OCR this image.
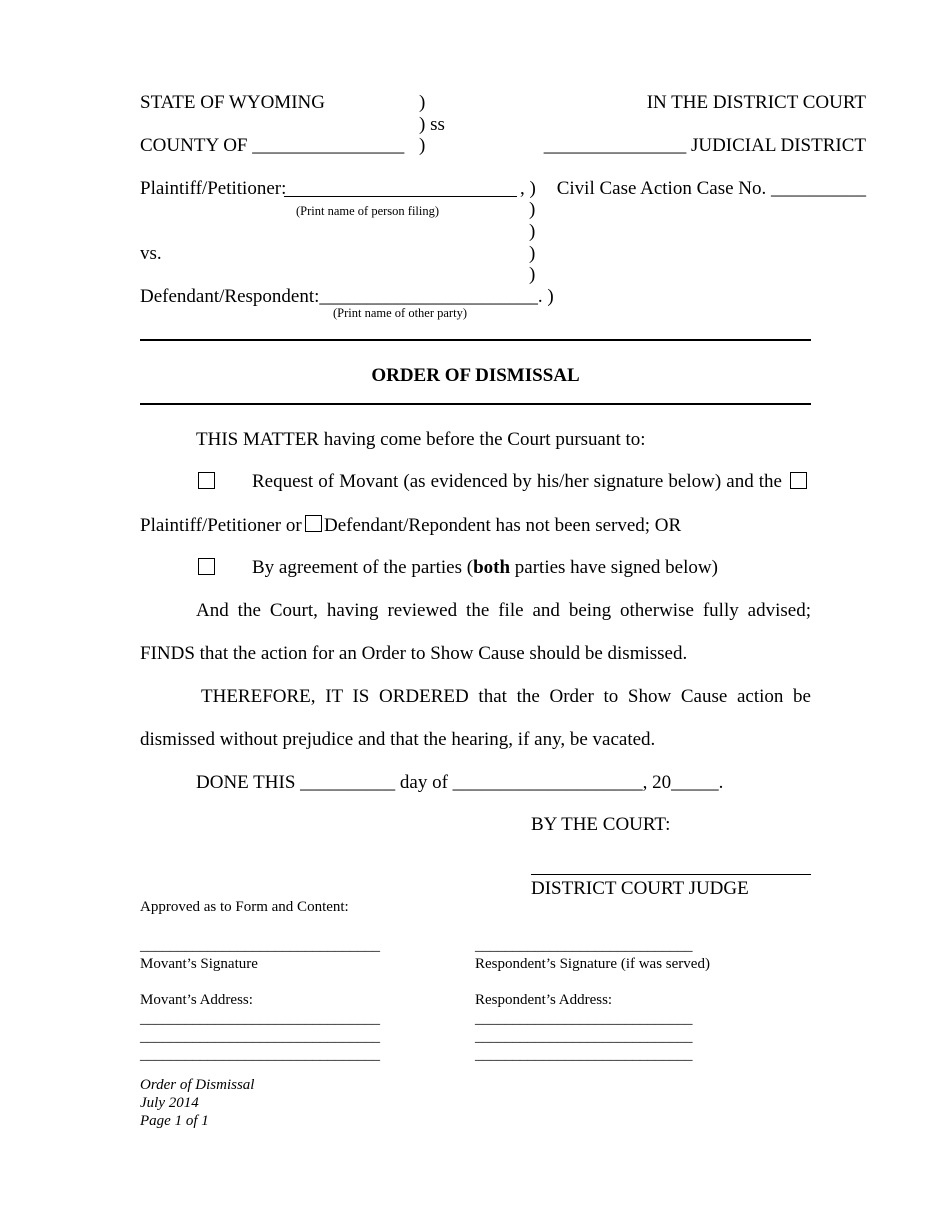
STATE OF WYOMING	)
) ss
)
COUNTY OF ________________
IN THE DISTRICT COURT
_______________ JUDICIAL DISTRICT
Plaintiff/Petitioner:	, )
(Print name of person filing)
Civil Case Action Case No. __________
)
)
vs.	)
)
Defendant/Respondent:_______________________. )
(Print name of other party)
ORDER OF DISMISSAL
THIS MATTER having come before the Court pursuant to:
Request of Movant (as evidenced by his/her signature below) and the
Plaintiff/Petitioner or Defendant/Repondent has not been served; OR
By agreement of the parties (both parties have signed below)
And the Court, having reviewed the file and being otherwise fully advised;
FINDS that the action for an Order to Show Cause should be dismissed.
THEREFORE, IT IS ORDERED that the Order to Show Cause action be
dismissed without prejudice and that the hearing, if any, be vacated.
DONE THIS __________ day of ____________________, 20_____.
BY THE COURT:
DISTRICT COURT JUDGE
Approved as to Form and Content:
________________________________
Movant’s Signature
Movant’s Address:
________________________________
________________________________
________________________________
_____________________________
Respondent’s Signature (if was served)
Respondent’s Address:
_____________________________
_____________________________
_____________________________
Order of Dismissal
July 2014
Page 1 of 1
